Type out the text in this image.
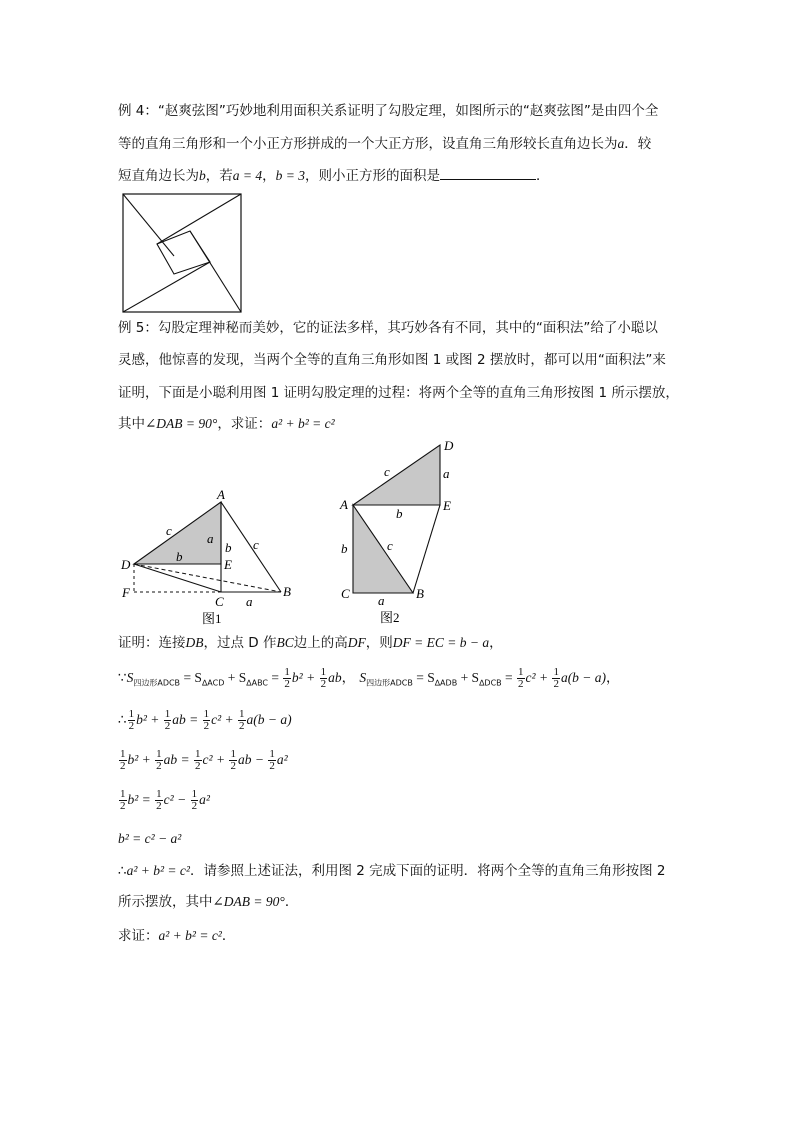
例 4：“赵爽弦图”巧妙地利用面积关系证明了勾股定理，如图所示的“赵爽弦图”是由四个全
等的直角三角形和一个小正方形拼成的一个大正方形，设直角三角形较长直角边长为a．较
短直角边长为b，若a = 4，b = 3，则小正方形的面积是	．
例 5：勾股定理神秘而美妙，它的证法多样，其巧妙各有不同，其中的“面积法”给了小聪以
灵感，他惊喜的发现，当两个全等的直角三角形如图 1 或图 2 摆放时，都可以用“面积法”来
证明，下面是小聪利用图 1 证明勾股定理的过程：将两个全等的直角三角形按图 1 所示摆放，
其中∠DAB = 90°，求证：a² + b² = c²
A
B
C
D	E
F
c
b
a
b c
a
图1
D
A	E
C	B
c	a
b
b	c
a
图2
证明：连接DB，过点 D 作BC边上的高DF，则DF = EC = b − a，
$\because S_{四边形ADCB} = S_{\Delta ACD} + S_{\Delta ABC} = \frac{1}{2} b^2 + \frac{1}{2}$ ab， $S_{四边形ADCB} = S_{\Delta ADB} + S_{\Delta DCB} = \frac{1}{2} c^2 + \frac{1}{2} a(b - a)$，
∴ $\frac{1}{2} b^2 + \frac{1}{2}$ ab = $\frac{1}{2} c^2 + \frac{1}{2} a(b - a)$
$\frac{1}{2} b^2 + \frac{1}{2}$ ab = $\frac{1}{2} c^2 + \frac{1}{2}$ ab − $\frac{1}{2} a^2$
$\frac{1}{2} b^2 = \frac{1}{2} c^2 - \frac{1}{2} a^2$
b² = c² − a²
∴a² + b² = c²．请参照上述证法，利用图 2 完成下面的证明．将两个全等的直角三角形按图 2
所示摆放，其中∠DAB = 90°．
求证：a² + b² = c²．
